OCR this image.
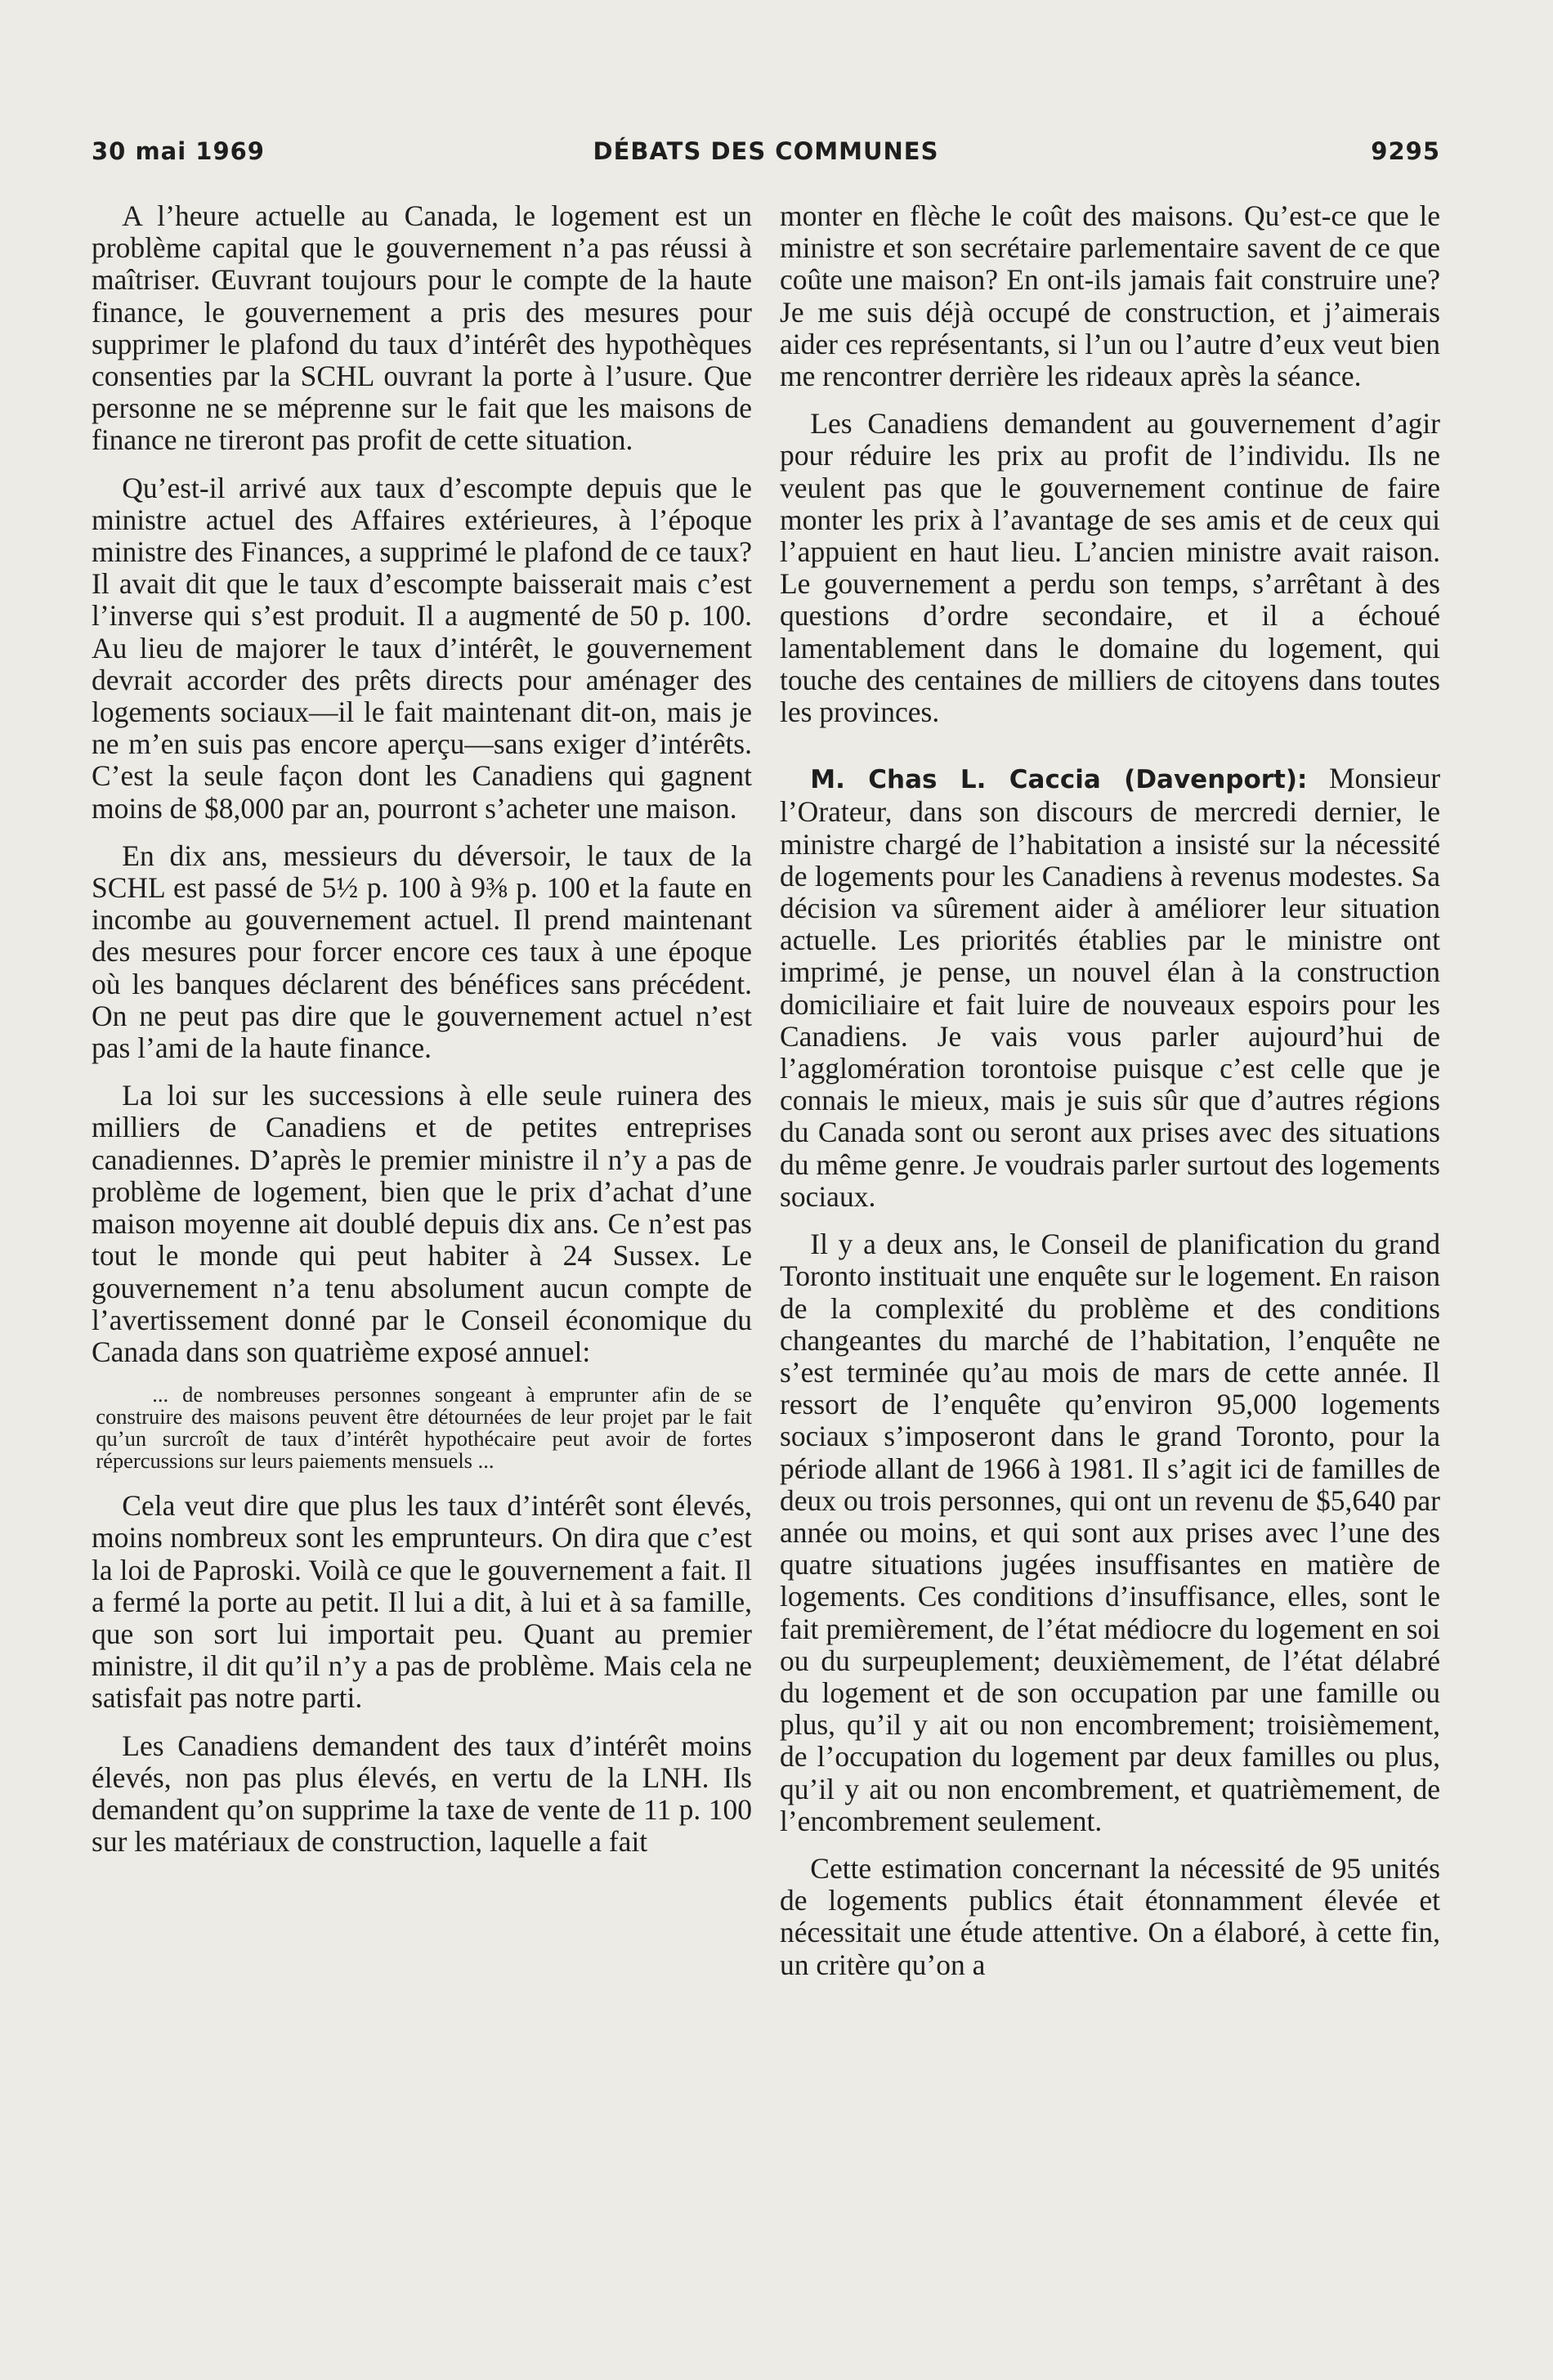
30 mai 1969	DÉBATS DES COMMUNES	9295

A l’heure actuelle au Canada, le logement est un problème capital que le gouvernement n’a pas réussi à maîtriser. Œuvrant toujours pour le compte de la haute finance, le gouvernement a pris des mesures pour supprimer le plafond du taux d’intérêt des hypothèques consenties par la SCHL ouvrant la porte à l’usure. Que personne ne se méprenne sur le fait que les maisons de finance ne tireront pas profit de cette situation.

Qu’est-il arrivé aux taux d’escompte depuis que le ministre actuel des Affaires extérieures, à l’époque ministre des Finances, a supprimé le plafond de ce taux? Il avait dit que le taux d’escompte baisserait mais c’est l’inverse qui s’est produit. Il a augmenté de 50 p. 100. Au lieu de majorer le taux d’intérêt, le gouvernement devrait accorder des prêts directs pour aménager des logements sociaux—il le fait maintenant dit-on, mais je ne m’en suis pas encore aperçu—sans exiger d’intérêts. C’est la seule façon dont les Canadiens qui gagnent moins de $8,000 par an, pourront s’acheter une maison.

En dix ans, messieurs du déversoir, le taux de la SCHL est passé de 5½ p. 100 à 9⅜ p. 100 et la faute en incombe au gouvernement actuel. Il prend maintenant des mesures pour forcer encore ces taux à une époque où les banques déclarent des bénéfices sans précédent. On ne peut pas dire que le gouvernement actuel n’est pas l’ami de la haute finance.

La loi sur les successions à elle seule ruinera des milliers de Canadiens et de petites entreprises canadiennes. D’après le premier ministre il n’y a pas de problème de logement, bien que le prix d’achat d’une maison moyenne ait doublé depuis dix ans. Ce n’est pas tout le monde qui peut habiter à 24 Sussex. Le gouvernement n’a tenu absolument aucun compte de l’avertissement donné par le Conseil économique du Canada dans son quatrième exposé annuel:

... de nombreuses personnes songeant à emprunter afin de se construire des maisons peuvent être détournées de leur projet par le fait qu’un surcroît de taux d’intérêt hypothécaire peut avoir de fortes répercussions sur leurs paiements mensuels ...

Cela veut dire que plus les taux d’intérêt sont élevés, moins nombreux sont les emprunteurs. On dira que c’est la loi de Paproski. Voilà ce que le gouvernement a fait. Il a fermé la porte au petit. Il lui a dit, à lui et à sa famille, que son sort lui importait peu. Quant au premier ministre, il dit qu’il n’y a pas de problème. Mais cela ne satisfait pas notre parti.

Les Canadiens demandent des taux d’intérêt moins élevés, non pas plus élevés, en vertu de la LNH. Ils demandent qu’on supprime la taxe de vente de 11 p. 100 sur les matériaux de construction, laquelle a fait

monter en flèche le coût des maisons. Qu’est-ce que le ministre et son secrétaire parlementaire savent de ce que coûte une maison? En ont-ils jamais fait construire une? Je me suis déjà occupé de construction, et j’aimerais aider ces représentants, si l’un ou l’autre d’eux veut bien me rencontrer derrière les rideaux après la séance.

Les Canadiens demandent au gouvernement d’agir pour réduire les prix au profit de l’individu. Ils ne veulent pas que le gouvernement continue de faire monter les prix à l’avantage de ses amis et de ceux qui l’appuient en haut lieu. L’ancien ministre avait raison. Le gouvernement a perdu son temps, s’arrêtant à des questions d’ordre secondaire, et il a échoué lamentablement dans le domaine du logement, qui touche des centaines de milliers de citoyens dans toutes les provinces.

M. Chas L. Caccia (Davenport): Monsieur l’Orateur, dans son discours de mercredi dernier, le ministre chargé de l’habitation a insisté sur la nécessité de logements pour les Canadiens à revenus modestes. Sa décision va sûrement aider à améliorer leur situation actuelle. Les priorités établies par le ministre ont imprimé, je pense, un nouvel élan à la construction domiciliaire et fait luire de nouveaux espoirs pour les Canadiens. Je vais vous parler aujourd’hui de l’agglomération torontoise puisque c’est celle que je connais le mieux, mais je suis sûr que d’autres régions du Canada sont ou seront aux prises avec des situations du même genre. Je voudrais parler surtout des logements sociaux.

Il y a deux ans, le Conseil de planification du grand Toronto instituait une enquête sur le logement. En raison de la complexité du problème et des conditions changeantes du marché de l’habitation, l’enquête ne s’est terminée qu’au mois de mars de cette année. Il ressort de l’enquête qu’environ 95,000 logements sociaux s’imposeront dans le grand Toronto, pour la période allant de 1966 à 1981. Il s’agit ici de familles de deux ou trois personnes, qui ont un revenu de $5,640 par année ou moins, et qui sont aux prises avec l’une des quatre situations jugées insuffisantes en matière de logements. Ces conditions d’insuffisance, elles, sont le fait premièrement, de l’état médiocre du logement en soi ou du surpeuplement; deuxièmement, de l’état délabré du logement et de son occupation par une famille ou plus, qu’il y ait ou non encombrement; troisièmement, de l’occupation du logement par deux familles ou plus, qu’il y ait ou non encombrement, et quatrièmement, de l’encombrement seulement.

Cette estimation concernant la nécessité de 95 unités de logements publics était étonnamment élevée et nécessitait une étude attentive. On a élaboré, à cette fin, un critère qu’on a
